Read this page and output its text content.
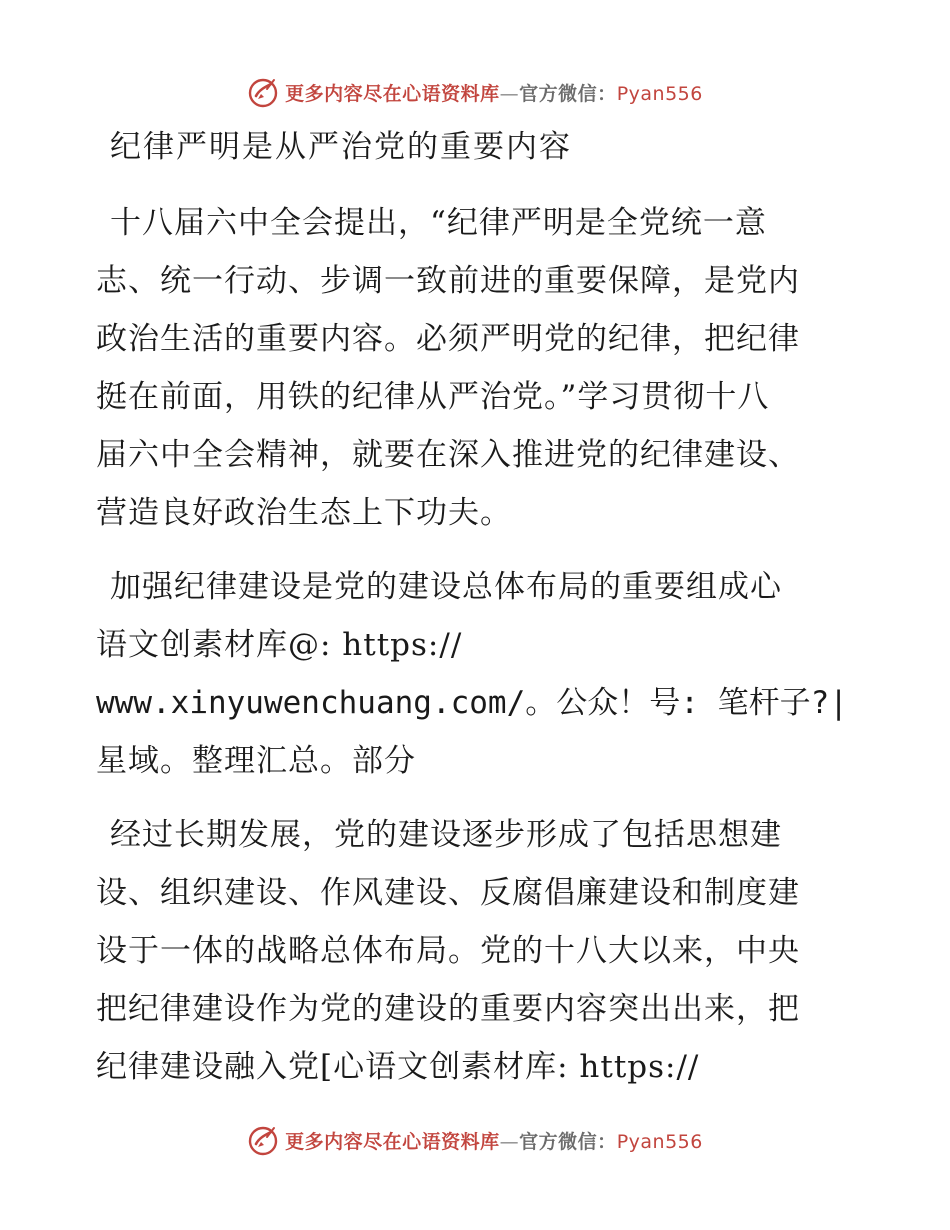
更多内容尽在心语资料库—官方微信：Pyan556
纪律严明是从严治党的重要内容
十八届六中全会提出，“纪律严明是全党统一意
志、统一行动、步调一致前进的重要保障，是党内
政治生活的重要内容。必须严明党的纪律，把纪律
挺在前面，用铁的纪律从严治党。”学习贯彻十八
届六中全会精神，就要在深入推进党的纪律建设、
营造良好政治生态上下功夫。
加强纪律建设是党的建设总体布局的重要组成心
语文创素材库@: https://
www.xinyuwenchuang.com/。公众！号: 笔杆子?|
星域。整理汇总。部分
经过长期发展，党的建设逐步形成了包括思想建
设、组织建设、作风建设、反腐倡廉建设和制度建
设于一体的战略总体布局。党的十八大以来，中央
把纪律建设作为党的建设的重要内容突出出来，把
纪律建设融入党[心语文创素材库: https://
更多内容尽在心语资料库—官方微信：Pyan556
